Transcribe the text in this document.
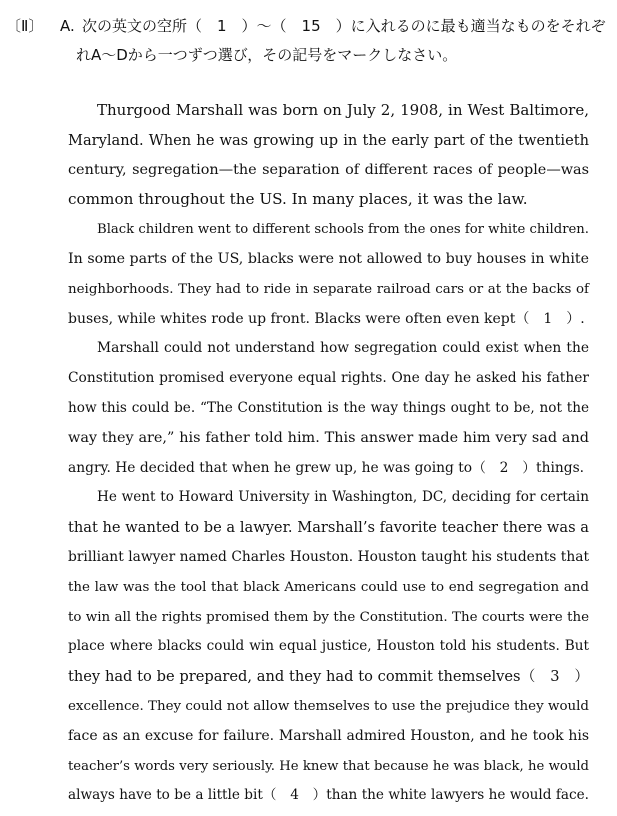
〔Ⅱ〕 A. 次の英文の空所（　1　）〜（　15　）に入れるのに最も適当なものをそれぞ
れA〜Dから一つずつ選び，その記号をマークしなさい。
Thurgood Marshall was born on July 2, 1908, in West Baltimore,
Maryland. When he was growing up in the early part of the twentieth
century, segregation—the separation of different races of people—was
common throughout the US. In many places, it was the law.
Black children went to different schools from the ones for white children.
In some parts of the US, blacks were not allowed to buy houses in white
neighborhoods. They had to ride in separate railroad cars or at the backs of
buses, while whites rode up front. Blacks were often even kept（　1　）.
Marshall could not understand how segregation could exist when the
Constitution promised everyone equal rights. One day he asked his father
how this could be. “The Constitution is the way things ought to be, not the
way they are,” his father told him. This answer made him very sad and
angry. He decided that when he grew up, he was going to（　2　）things.
He went to Howard University in Washington, DC, deciding for certain
that he wanted to be a lawyer. Marshall’s favorite teacher there was a
brilliant lawyer named Charles Houston. Houston taught his students that
the law was the tool that black Americans could use to end segregation and
to win all the rights promised them by the Constitution. The courts were the
place where blacks could win equal justice, Houston told his students. But
they had to be prepared, and they had to commit themselves（　3　）
excellence. They could not allow themselves to use the prejudice they would
face as an excuse for failure. Marshall admired Houston, and he took his
teacher’s words very seriously. He knew that because he was black, he would
always have to be a little bit（　4　）than the white lawyers he would face.
